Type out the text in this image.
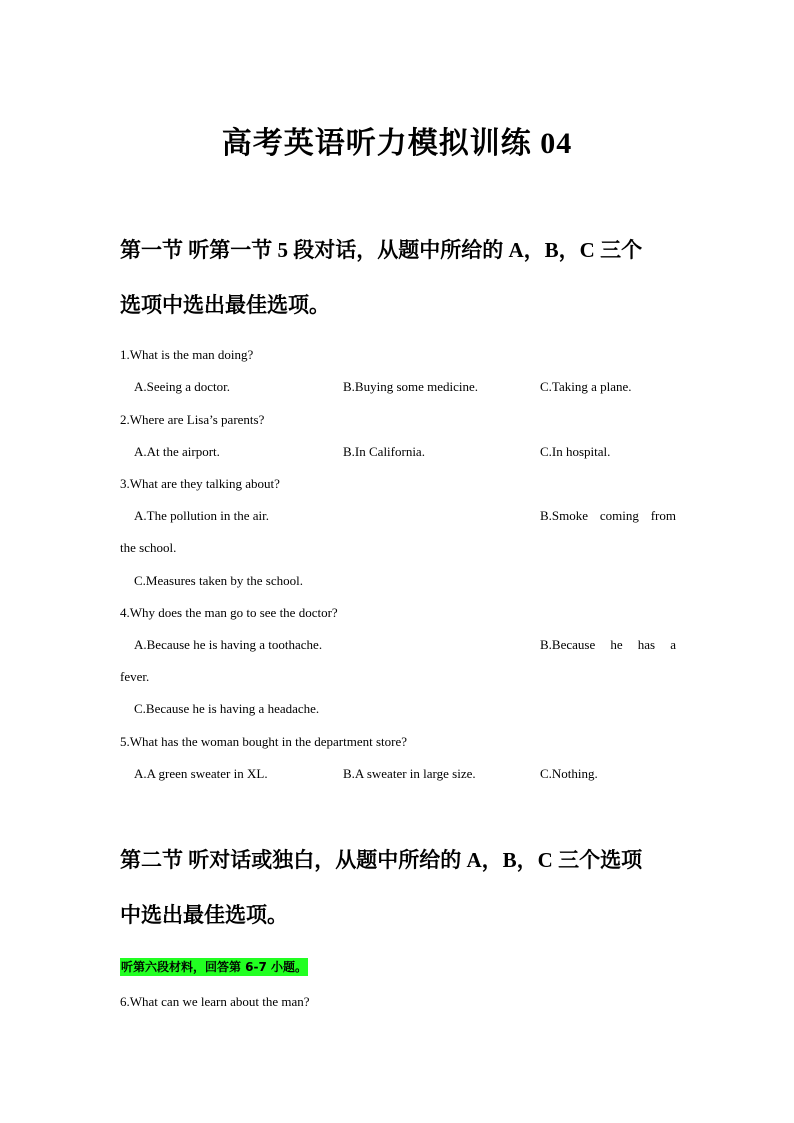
高考英语听力模拟训练 04
第一节 听第一节 5 段对话，从题中所给的 A，B，C 三个
选项中选出最佳选项。
1.What is the man doing?
A.Seeing a doctor.	B.Buying some medicine.	C.Taking a plane.
2.Where are Lisa’s parents?
A.At the airport.	B.In California.	C.In hospital.
3.What are they talking about?
A.The pollution in the air.	B.Smoke coming from
the school.
C.Measures taken by the school.
4.Why does the man go to see the doctor?
A.Because he is having a toothache.	B.Because he has a
fever.
C.Because he is having a headache.
5.What has the woman bought in the department store?
A.A green sweater in XL.	B.A sweater in large size.	C.Nothing.
第二节 听对话或独白，从题中所给的 A，B，C 三个选项
中选出最佳选项。
听第六段材料，回答第 6-7 小题。
6.What can we learn about the man?
